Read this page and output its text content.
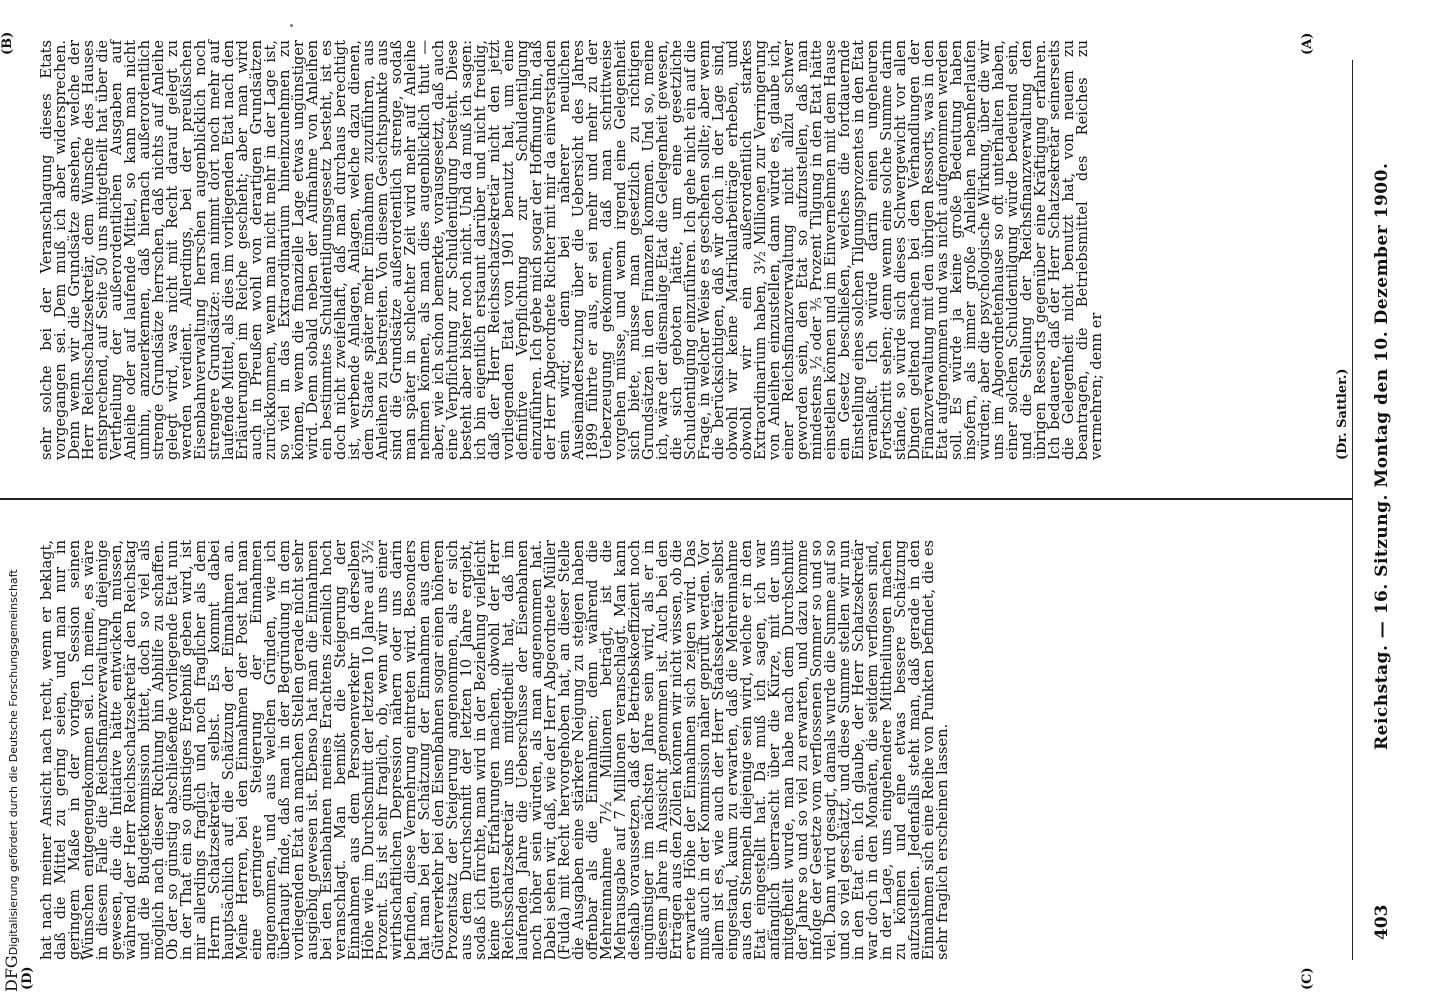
403
Reichstag. — 16. Sitzung. Montag den 10. Dezember 1900.
(C)
(D)
(A)
(B)
(Dr. Sattler.)

hat nach meiner Ansicht nach recht, wenn er beklagt, daß die Mittel zu gering seien, und man nur in geringem Maße in der vorigen Session seinen Wünschen entgegengekommen sei. Ich meine, es wäre in diesem Falle die Reichsfinanzverwaltung diejenige gewesen, die die Initiative hätte entwickeln müssen, während der Herr Reichsschatzsekretär den Reichstag und die Budgetkommission bittet, doch so viel als möglich nach dieser Richtung hin Abhilfe zu schaffen. Ob der so günstig abschließende vorliegende Etat nun in der That ein so günstiges Ergebniß geben wird, ist mir allerdings fraglich und noch fraglicher als dem Herrn Schatzsekretär selbst. Es kommt dabei hauptsächlich auf die Schätzung der Einnahmen an. Meine Herren, bei den Einnahmen der Post hat man eine geringere Steigerung der Einnahmen angenommen, und aus welchen Gründen, wie ich überhaupt finde, daß man in der Begründung in dem vorliegenden Etat an manchen Stellen gerade nicht sehr ausgiebig gewesen ist. Ebenso hat man die Einnahmen bei den Eisenbahnen meines Erachtens ziemlich hoch veranschlagt. Man bemißt die Steigerung der Einnahmen aus dem Personenverkehr in derselben Höhe wie im Durchschnitt der letzten 10 Jahre auf 3½ Prozent. Es ist sehr fraglich, ob, wenn wir uns einer wirthschaftlichen Depression nähern oder uns darin befinden, diese Vermehrung eintreten wird. Besonders hat man bei der Schätzung der Einnahmen aus dem Güterverkehr bei den Eisenbahnen sogar einen höheren Prozentsatz der Steigerung angenommen, als er sich aus dem Durchschnitt der letzten 10 Jahre ergiebt, sodaß ich fürchte, man wird in der Beziehung vielleicht keine guten Erfahrungen machen, obwohl der Herr Reichsschatzsekretär uns mitgetheilt hat, daß im laufenden Jahre die Ueberschüsse der Eisenbahnen noch höher sein würden, als man angenommen hat. Dabei sehen wir, daß, wie der Herr Abgeordnete Müller (Fulda) mit Recht hervorgehoben hat, an dieser Stelle die Ausgaben eine stärkere Neigung zu steigen haben offenbar als die Einnahmen; denn während die Mehreinnahme 7½ Millionen beträgt, ist die Mehrausgabe auf 7 Millionen veranschlagt. Man kann deshalb voraussetzen, daß der Betriebskoeffizient noch ungünstiger im nächsten Jahre sein wird, als er in diesem Jahre in Aussicht genommen ist. Auch bei den Erträgen aus den Zöllen können wir nicht wissen, ob die erwartete Höhe der Einnahmen sich zeigen wird. Das muß auch in der Kommission näher geprüft werden. Vor allem ist es, wie auch der Herr Staatssekretär selbst eingestand, kaum zu erwarten, daß die Mehreinnahme aus den Stempeln diejenige sein wird, welche er in den Etat eingestellt hat. Da muß ich sagen, ich war anfänglich überrascht über die Kürze, mit der uns mitgetheilt wurde, man habe nach dem Durchschnitt der Jahre so und so viel zu erwarten, und dazu komme infolge der Gesetze vom verflossenen Sommer so und so viel. Dann wird gesagt, damals wurde die Summe auf so und so viel geschätzt, und diese Summe stellen wir nun in den Etat ein. Ich glaube, der Herr Schatzsekretär war doch in den Monaten, die seitdem verflossen sind, in der Lage, uns eingehendere Mittheilungen machen zu können und eine etwas bessere Schätzung aufzustellen. Jedenfalls steht man, daß gerade in den Einnahmen sich eine Reihe von Punkten befindet, die es sehr fraglich erscheinen lassen.

sehr solche bei der Veranschlagung dieses Etats vorgegangen sei. Dem muß ich aber widersprechen. Denn wenn wir die Grundsätze ansehen, welche der Herr Reichsschatzsekretär, dem Wunsche des Hauses entsprechend, auf Seite 50 uns mitgetheilt hat über die Vertheilung der außerordentlichen Ausgaben auf Anleihe oder auf laufende Mittel, so kann man nicht umhin, anzuerkennen, daß hiernach außerordentlich strenge Grundsätze herrschen, daß nichts auf Anleihe gelegt wird, was nicht mit Recht darauf gelegt zu werden verdient. Allerdings, bei der preußischen Eisenbahnverwaltung herrschen augenblicklich noch strengere Grundsätze: man nimmt dort noch mehr auf laufende Mittel, als dies im vorliegenden Etat nach den Erläuterungen im Reiche geschieht; aber man wird auch in Preußen wohl von derartigen Grundsätzen zurückkommen, wenn man nicht mehr in der Lage ist, so viel in das Extraordinarium hineinzunehmen zu können, wenn die finanzielle Lage etwas ungünstiger wird. Denn sobald neben der Aufnahme von Anleihen ein bestimmtes Schuldentilgungsgesetz besteht, ist es doch nicht zweifelhaft, daß man durchaus berechtigt ist, werbende Anlagen, Anlagen, welche dazu dienen, dem Staate später mehr Einnahmen zuzuführen, aus Anleihen zu bestreiten. Von diesem Gesichtspunkte aus sind die Grundsätze außerordentlich strenge, sodaß man später in schlechter Zeit wird mehr auf Anleihe nehmen können, als man dies augenblicklich thut — aber, wie ich schon bemerkte, vorausgesetzt, daß auch eine Verpflichtung zur Schuldentilgung besteht. Diese besteht aber bisher noch nicht. Und da muß ich sagen: ich bin eigentlich erstaunt darüber und nicht freudig, daß der Herr Reichsschatzsekretär nicht den jetzt vorliegenden Etat von 1901 benutzt hat, um eine definitive Verpflichtung zur Schuldentilgung einzuführen. Ich gebe mich sogar der Hoffnung hin, daß der Herr Abgeordnete Richter mit mir da einverstanden sein wird; denn bei näherer neulichen Auseinandersetzung über die Uebersicht des Jahres 1899 führte er aus, er sei mehr und mehr zu der Ueberzeugung gekommen, daß man schrittweise vorgehen müsse, und wenn irgend eine Gelegenheit sich biete, müsse man gesetzlich zu richtigen Grundsätzen in den Finanzen kommen. Und so, meine ich, wäre der diesmalige Etat die Gelegenheit gewesen, die sich geboten hätte, um eine gesetzliche Schuldentilgung einzuführen. Ich gehe nicht ein auf die Frage, in welcher Weise es geschehen sollte; aber wenn die berücksichtigen, daß wir doch in der Lage sind, obwohl wir keine Matrikularbeiträge erheben, und obwohl wir ein außerordentlich starkes Extraordinarium haben, 3½ Millionen zur Verringerung von Anleihen einzustellen, dann würde es, glaube ich, einer Reichsfinanzverwaltung nicht allzu schwer geworden sein, den Etat so aufzustellen, daß man mindestens ½ oder ⅗ Prozent Tilgung in den Etat hätte einstellen können und im Einvernehmen mit dem Hause ein Gesetz beschließen, welches die fortdauernde Einstellung eines solchen Tilgungsprozentes in den Etat veranlaßt. Ich würde darin einen ungeheuren Fortschritt sehen; denn wenn eine solche Summe darin stände, so würde sich dieses Schwergewicht vor allen Dingen geltend machen bei den Verhandlungen der Finanzverwaltung mit den übrigen Ressorts, was in den Etat aufgenommen und was nicht aufgenommen werden soll. Es würde ja keine große Bedeutung haben insofern, als immer große Anleihen nebenherlaufen würden; aber die psychologische Wirkung, über die wir uns im Abgeordnetenhause so oft unterhalten haben, einer solchen Schuldentilgung würde bedeutend sein, und die Stellung der Reichsfinanzverwaltung den übrigen Ressorts gegenüber eine Kräftigung erfahren. Ich bedauere, daß der Herr Schatzsekretär seinerseits die Gelegenheit nicht benutzt hat, von neuem zu beantragen, die Betriebsmittel des Reiches zu vermehren; denn er

DFGDigitalisierung gefördert durch die Deutsche Forschungsgemeinschaft
